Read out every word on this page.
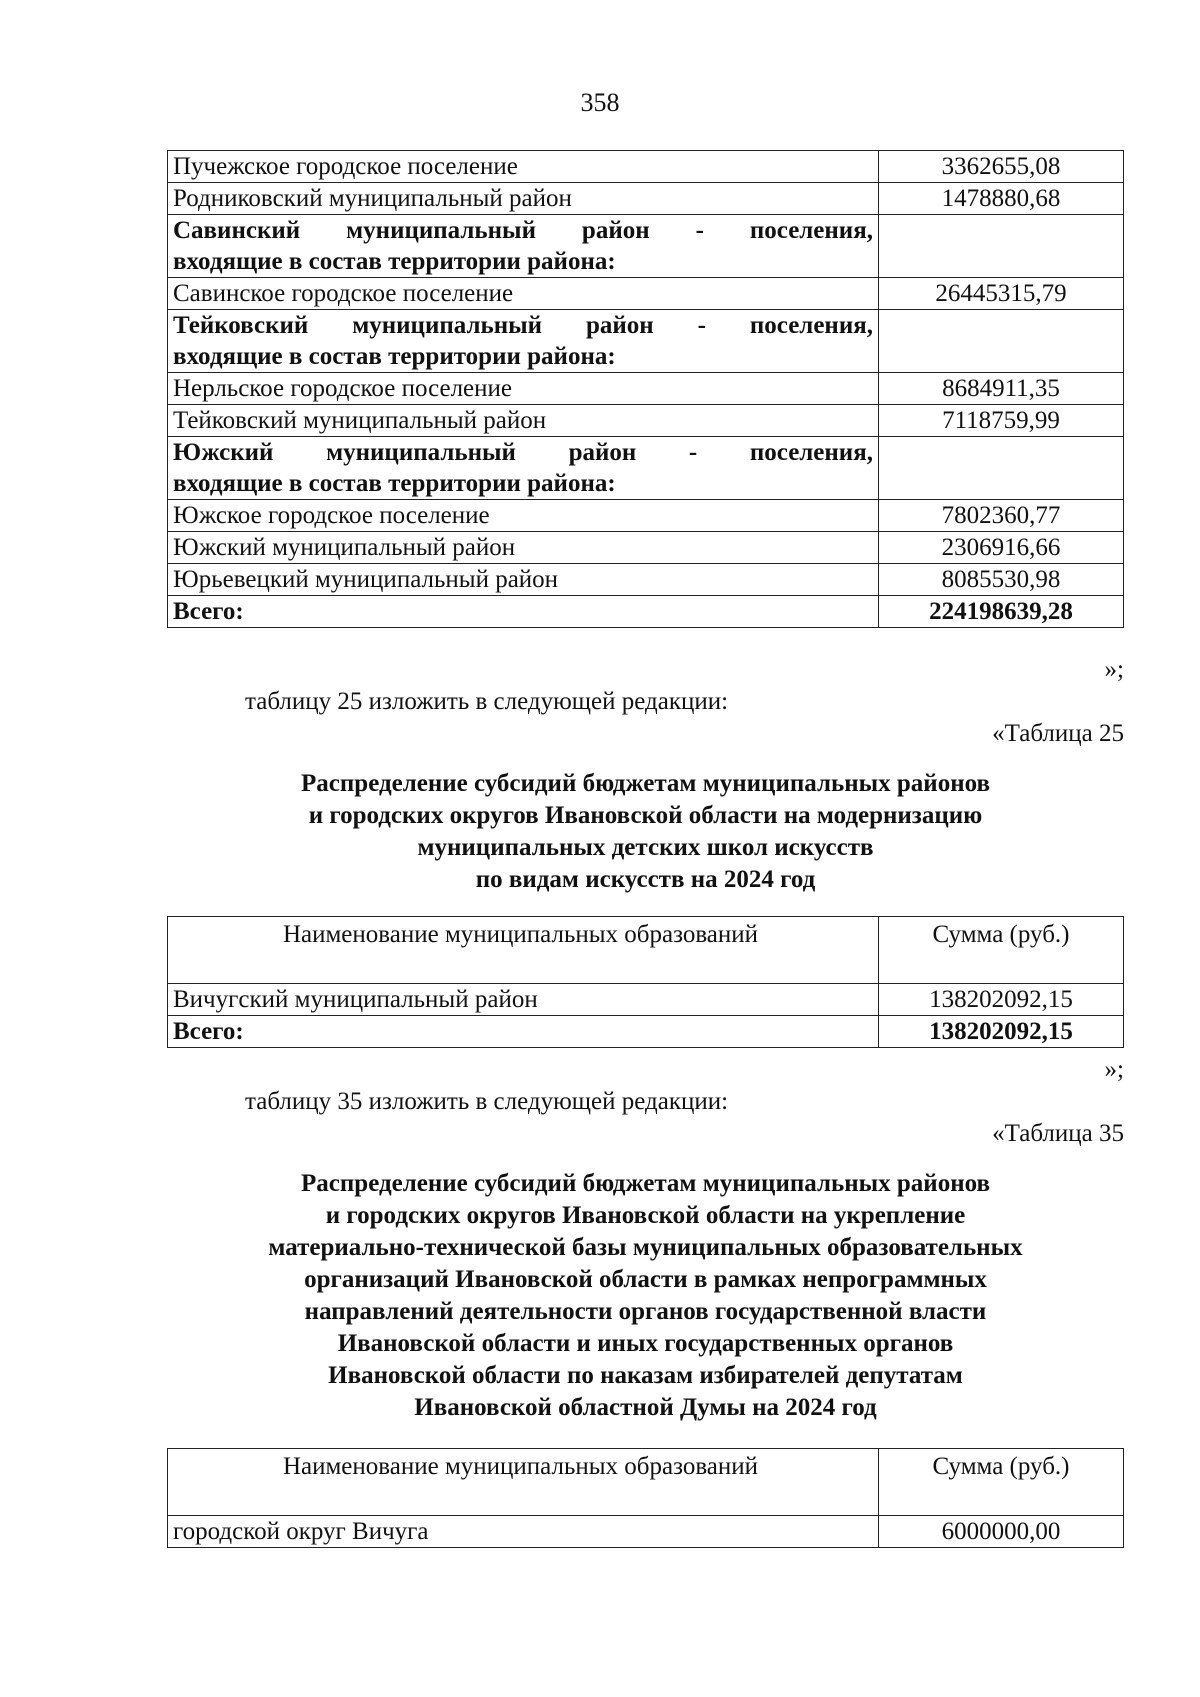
358
Пучежское городское поселение	3362655,08
Родниковский муниципальный район	1478880,68

Савинский муниципальный район - поселения,
входящие в состав территории района:	
Савинское городское поселение	26445315,79

Тейковский муниципальный район - поселения,
входящие в состав территории района:	
Нерльское городское поселение	8684911,35
Тейковский муниципальный район	7118759,99

Южский муниципальный район - поселения,
входящие в состав территории района:	
Южское городское поселение	7802360,77
Южский муниципальный район	2306916,66
Юрьевецкий муниципальный район	8085530,98
Всего:	224198639,28
»;
таблицу 25 изложить в следующей редакции:
«Таблица 25
Распределение субсидий бюджетам муниципальных районов
и городских округов Ивановской области на модернизацию
муниципальных детских школ искусств
по видам искусств на 2024 год
Наименование муниципальных образований	Сумма (руб.)
Вичугский муниципальный район	138202092,15
Всего:	138202092,15
»;
таблицу 35 изложить в следующей редакции:
«Таблица 35
Распределение субсидий бюджетам муниципальных районов
и городских округов Ивановской области на укрепление
материально-технической базы муниципальных образовательных
организаций Ивановской области в рамках непрограммных
направлений деятельности органов государственной власти
Ивановской области и иных государственных органов
Ивановской области по наказам избирателей депутатам
Ивановской областной Думы на 2024 год
Наименование муниципальных образований	Сумма (руб.)
городской округ Вичуга	6000000,00
